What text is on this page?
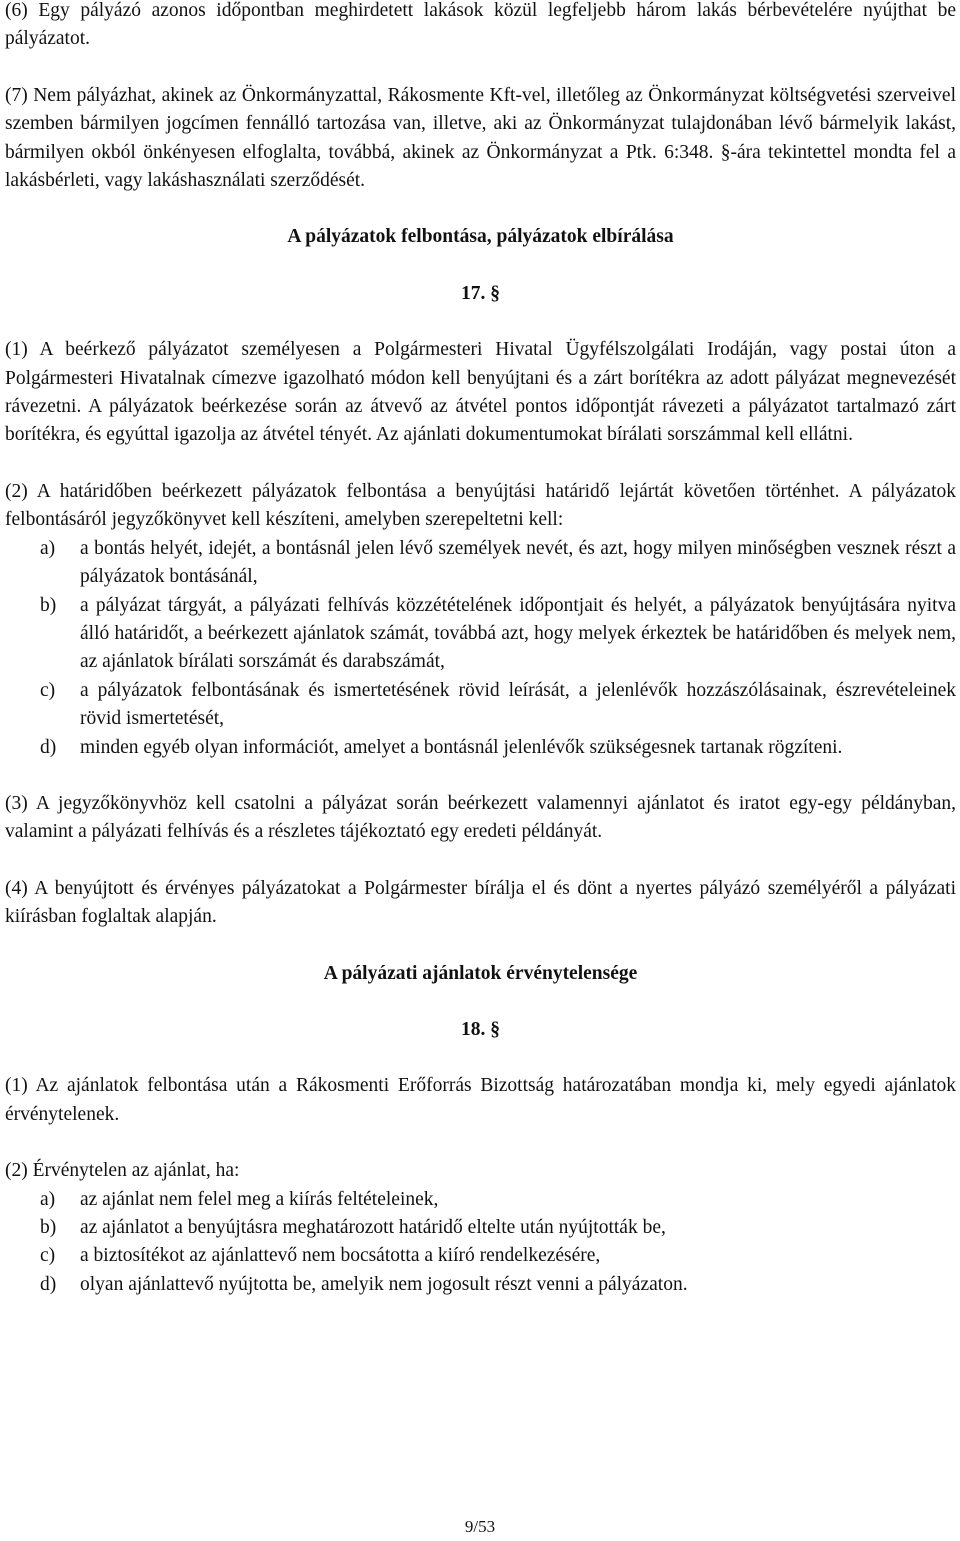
(6) Egy pályázó azonos időpontban meghirdetett lakások közül legfeljebb három lakás bérbevételére nyújthat be pályázatot.

(7) Nem pályázhat, akinek az Önkormányzattal, Rákosmente Kft-vel, illetőleg az Önkormányzat költségvetési szerveivel szemben bármilyen jogcímen fennálló tartozása van, illetve, aki az Önkormányzat tulajdonában lévő bármelyik lakást, bármilyen okból önkényesen elfoglalta, továbbá, akinek az Önkormányzat a Ptk. 6:348. §-ára tekintettel mondta fel a lakásbérleti, vagy lakáshasználati szerződését.

A pályázatok felbontása, pályázatok elbírálása

17. §

(1) A beérkező pályázatot személyesen a Polgármesteri Hivatal Ügyfélszolgálati Irodáján, vagy postai úton a Polgármesteri Hivatalnak címezve igazolható módon kell benyújtani és a zárt borítékra az adott pályázat megnevezését rávezetni. A pályázatok beérkezése során az átvevő az átvétel pontos időpontját rávezeti a pályázatot tartalmazó zárt borítékra, és egyúttal igazolja az átvétel tényét. Az ajánlati dokumentumokat bírálati sorszámmal kell ellátni.

(2) A határidőben beérkezett pályázatok felbontása a benyújtási határidő lejártát követően történhet. A pályázatok felbontásáról jegyzőkönyvet kell készíteni, amelyben szerepeltetni kell:

a) a bontás helyét, idejét, a bontásnál jelen lévő személyek nevét, és azt, hogy milyen minőségben vesznek részt a pályázatok bontásánál,
b) a pályázat tárgyát, a pályázati felhívás közzétételének időpontjait és helyét, a pályázatok benyújtására nyitva álló határidőt, a beérkezett ajánlatok számát, továbbá azt, hogy melyek érkeztek be határidőben és melyek nem, az ajánlatok bírálati sorszámát és darabszámát,
c) a pályázatok felbontásának és ismertetésének rövid leírását, a jelenlévők hozzászólásainak, észrevételeinek rövid ismertetését,
d) minden egyéb olyan információt, amelyet a bontásnál jelenlévők szükségesnek tartanak rögzíteni.

(3) A jegyzőkönyvhöz kell csatolni a pályázat során beérkezett valamennyi ajánlatot és iratot egy-egy példányban, valamint a pályázati felhívás és a részletes tájékoztató egy eredeti példányát.

(4) A benyújtott és érvényes pályázatokat a Polgármester bírálja el és dönt a nyertes pályázó személyéről a pályázati kiírásban foglaltak alapján.

A pályázati ajánlatok érvénytelensége

18. §

(1) Az ajánlatok felbontása után a Rákosmenti Erőforrás Bizottság határozatában mondja ki, mely egyedi ajánlatok érvénytelenek.

(2) Érvénytelen az ajánlat, ha:

a) az ajánlat nem felel meg a kiírás feltételeinek,
b) az ajánlatot a benyújtásra meghatározott határidő eltelte után nyújtották be,
c) a biztosítékot az ajánlattevő nem bocsátotta a kiíró rendelkezésére,
d) olyan ajánlattevő nyújtotta be, amelyik nem jogosult részt venni a pályázaton.
9/53
